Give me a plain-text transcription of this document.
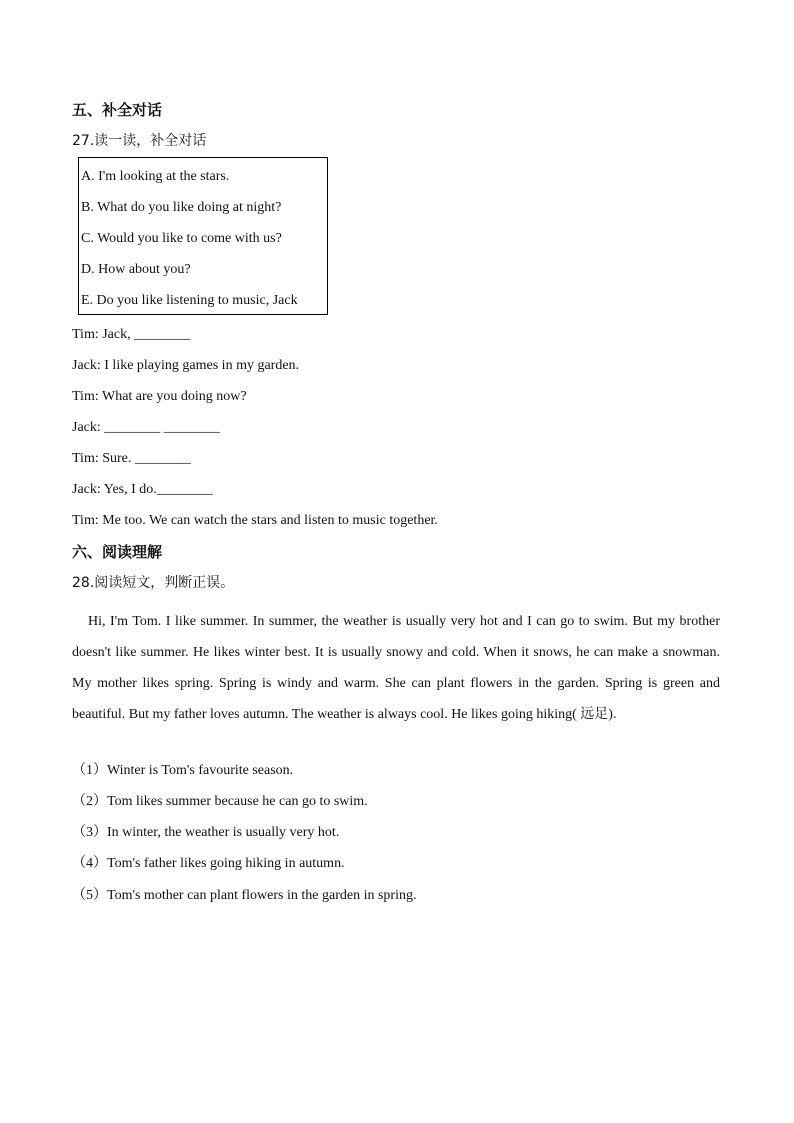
五、补全对话
27.读一读，补全对话
A. I'm looking at the stars.
B. What do you like doing at night?
C. Would you like to come with us?
D. How about you?
E. Do you like listening to music, Jack
Tim: Jack, ________
Jack: I like playing games in my garden.
Tim: What are you doing now?
Jack: ________ ________
Tim: Sure. ________
Jack: Yes, I do.________
Tim: Me too. We can watch the stars and listen to music together.
六、阅读理解
28.阅读短文，判断正误。
Hi, I'm Tom. I like summer. In summer, the weather is usually very hot and I can go to swim. But my brother doesn't like summer. He likes winter best. It is usually snowy and cold. When it snows, he can make a snowman. My mother likes spring. Spring is windy and warm. She can plant flowers in the garden. Spring is green and beautiful. But my father loves autumn. The weather is always cool. He likes going hiking( 远足).
（1）Winter is Tom's favourite season.
（2）Tom likes summer because he can go to swim.
（3）In winter, the weather is usually very hot.
（4）Tom's father likes going hiking in autumn.
（5）Tom's mother can plant flowers in the garden in spring.
